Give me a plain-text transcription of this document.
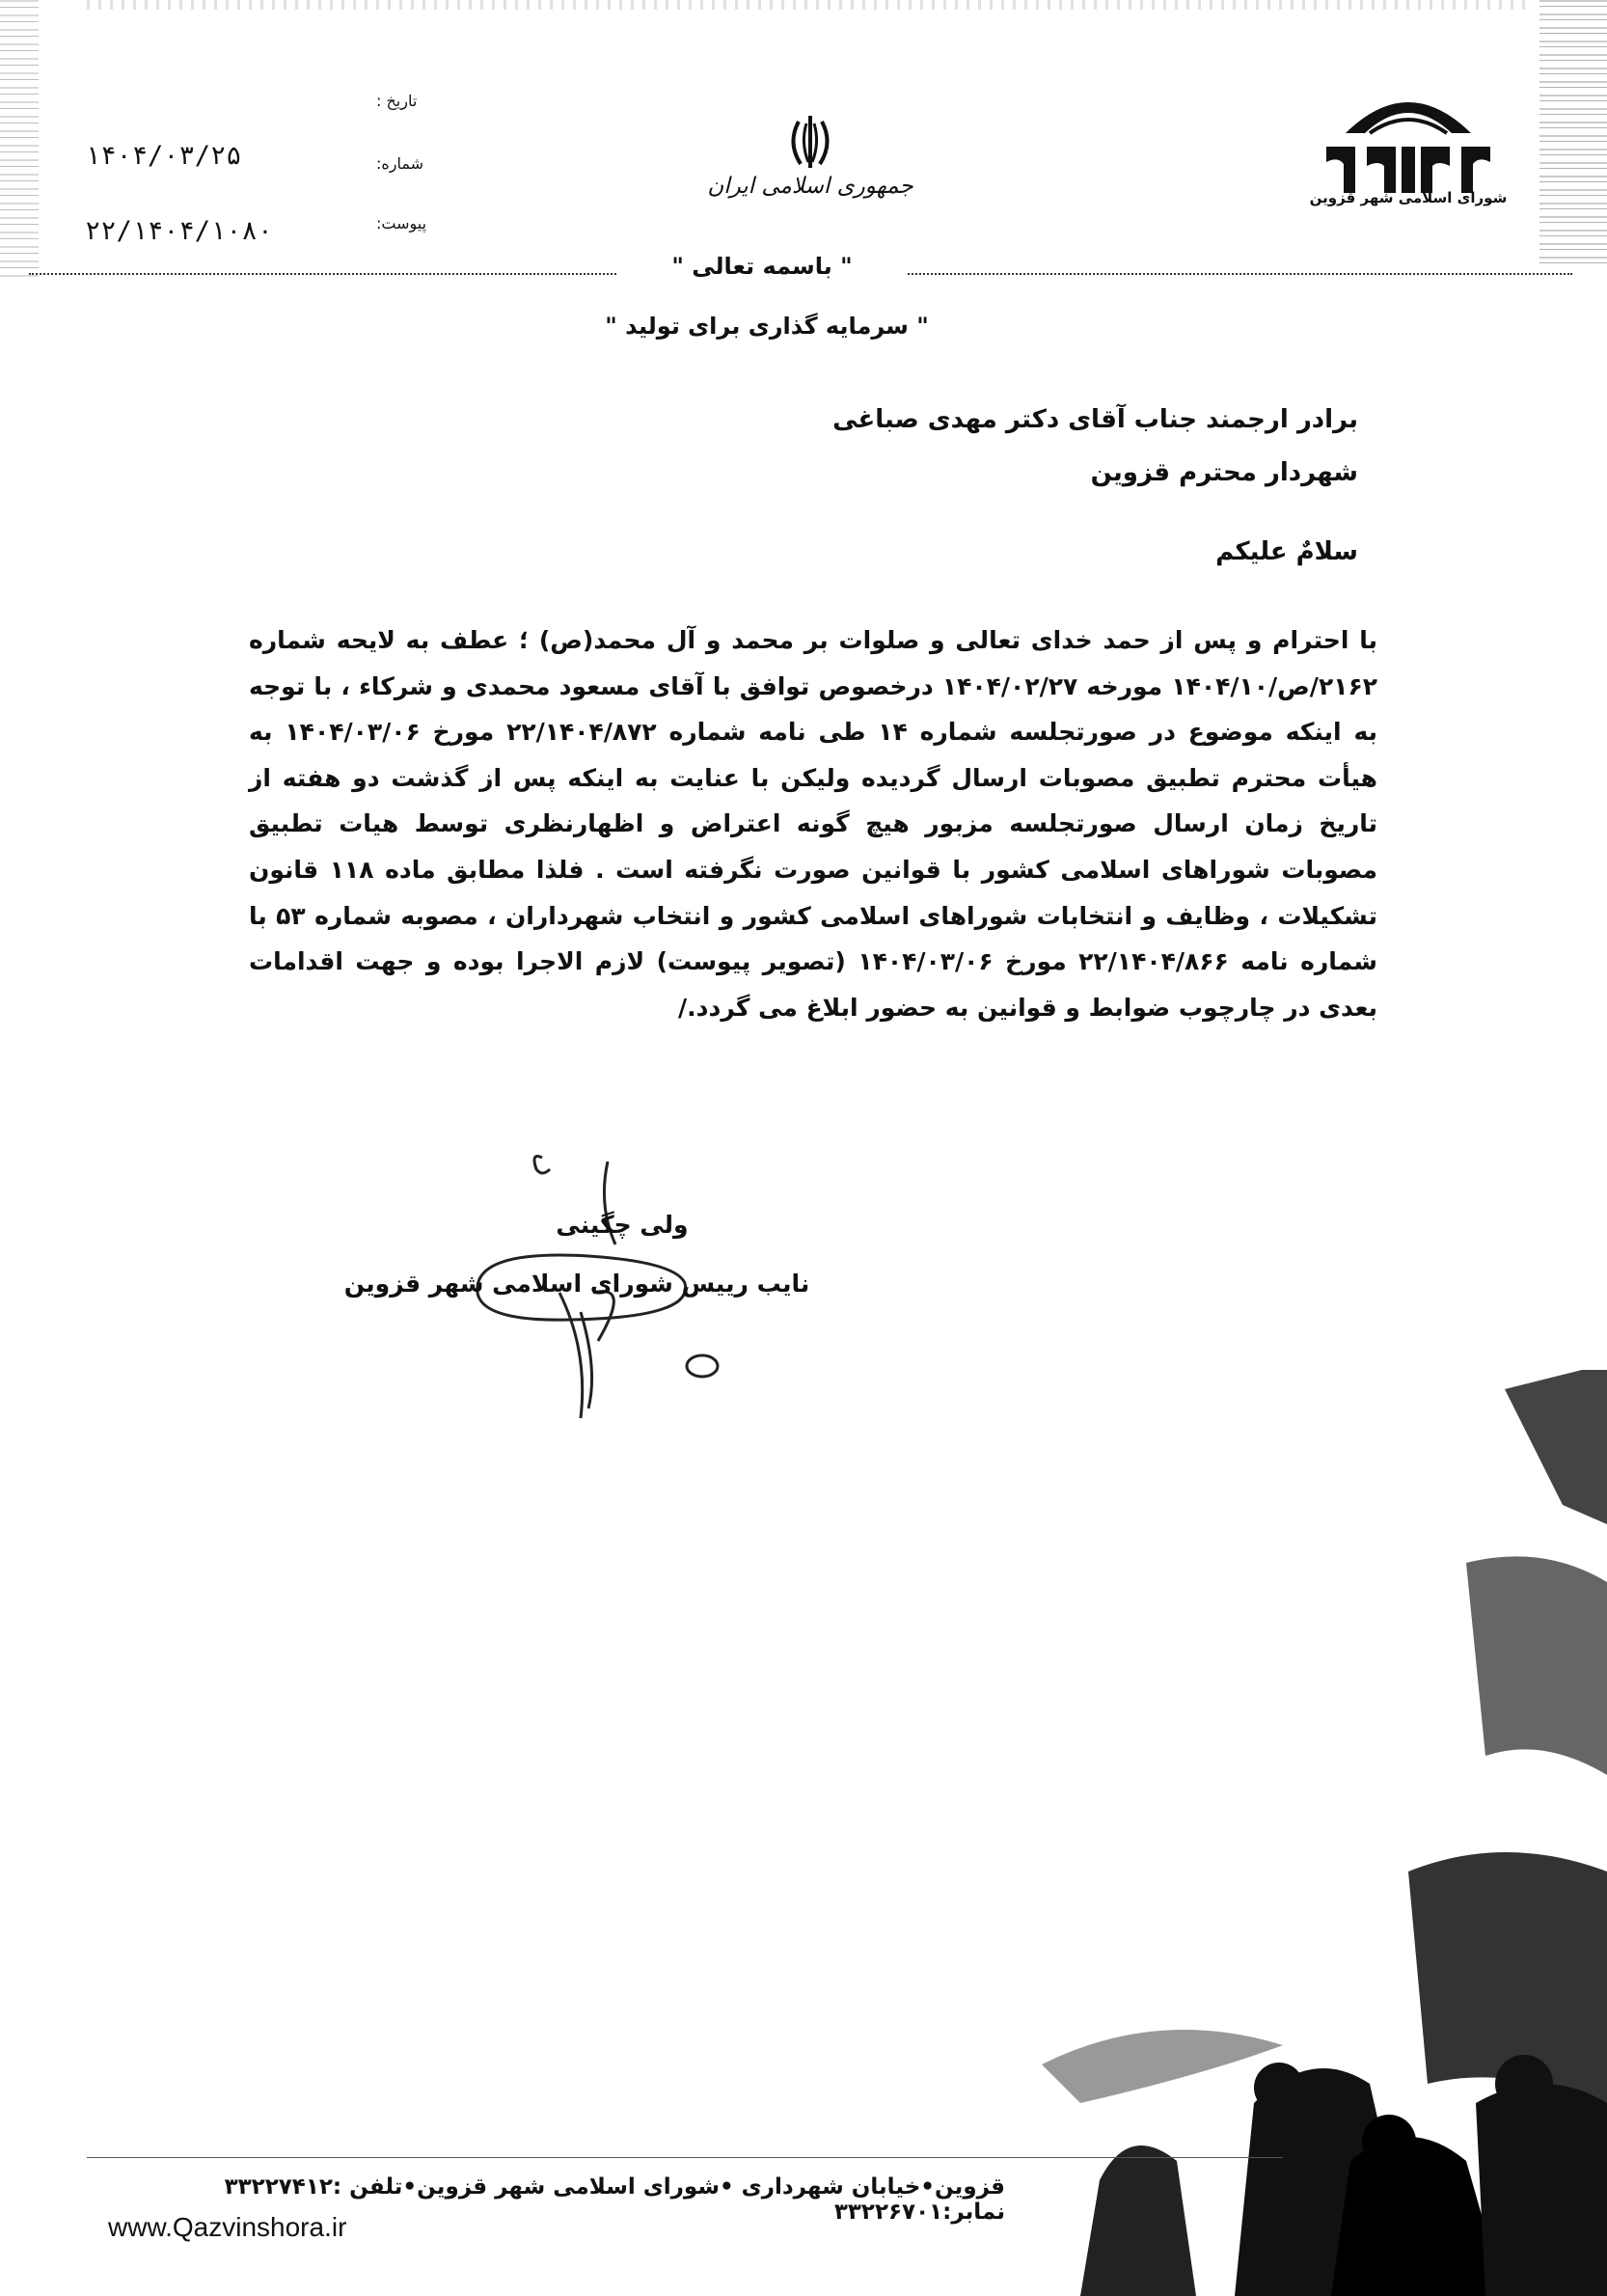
شورای اسلامی شهر قزوین
جمهوری اسلامی ایران
تاریخ :
شماره:
پیوست:
۱۴۰۴/۰۳/۲۵
۲۲/۱۴۰۴/۱۰۸۰
" باسمه تعالی "
" سرمایه گذاری برای تولید "
برادر ارجمند جناب آقای دکتر مهدی صباغی
شهردار محترم قزوین
سلامٌ علیکم

با احترام و پس از حمد خدای تعالی و صلوات بر محمد و آل محمد(ص) ؛ عطف به لایحه شماره ۲۱۶۲/ص/۱۴۰۴/۱۰ مورخه ۱۴۰۴/۰۲/۲۷ درخصوص توافق با آقای مسعود محمدی و شرکاء ، با توجه به اینکه موضوع در صورتجلسه شماره ۱۴ طی نامه شماره ۲۲/۱۴۰۴/۸۷۲ مورخ ۱۴۰۴/۰۳/۰۶ به هیأت محترم تطبیق مصوبات ارسال گردیده ولیکن با عنایت به اینکه پس از گذشت دو هفته از تاریخ زمان ارسال صورتجلسه مزبور هیچ گونه اعتراض و اظهارنظری توسط هیات تطبیق مصوبات شوراهای اسلامی کشور با قوانین صورت نگرفته است . فلذا مطابق ماده ۱۱۸ قانون تشکیلات ، وظایف و انتخابات شوراهای اسلامی کشور و انتخاب شهرداران ، مصوبه شماره ۵۳ با شماره نامه ۲۲/۱۴۰۴/۸۶۶ مورخ ۱۴۰۴/۰۳/۰۶ (تصویر پیوست) لازم الاجرا بوده و جهت اقدامات بعدی در چارچوب ضوابط و قوانین به حضور ابلاغ می گردد./

ولی چگینی
نایب رییس شورای اسلامی شهر قزوین
قزوین•خیابان شهرداری •شورای اسلامی شهر قزوین•تلفن :۳۳۲۲۷۴۱۲ نمابر:۳۳۲۲۶۷۰۱
www.Qazvinshora.ir
